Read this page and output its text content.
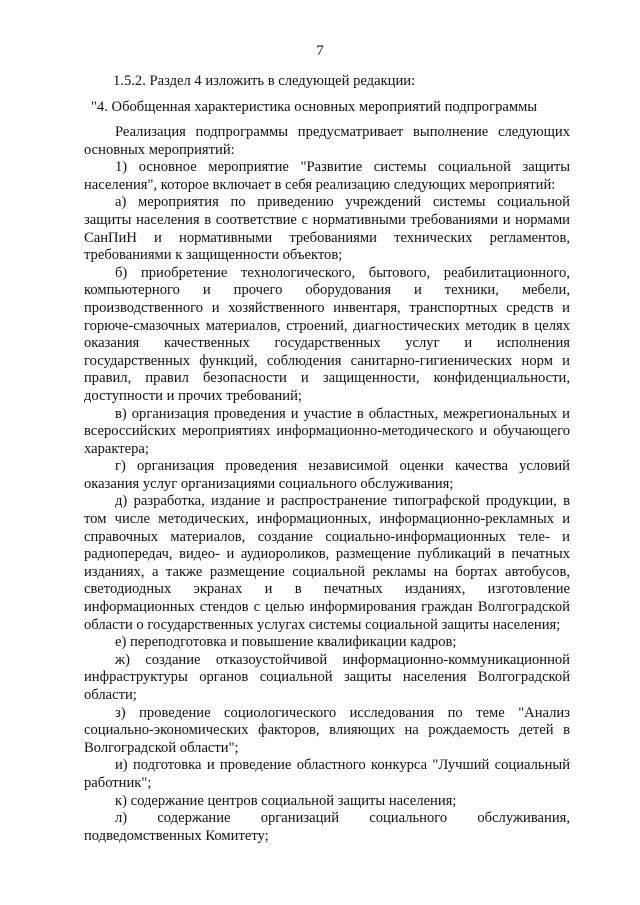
7
1.5.2. Раздел 4 изложить в следующей редакции:
"4. Обобщенная характеристика основных мероприятий подпрограммы

Реализация подпрограммы предусматривает выполнение следующих основных мероприятий:

1) основное мероприятие "Развитие системы социальной защиты населения", которое включает в себя реализацию следующих мероприятий:

а) мероприятия по приведению учреждений системы социальной защиты населения в соответствие с нормативными требованиями и нормами СанПиН и нормативными требованиями технических регламентов, требованиями к защищенности объектов;

б) приобретение технологического, бытового, реабилитационного, компьютерного и прочего оборудования и техники, мебели, производственного и хозяйственного инвентаря, транспортных средств и горюче-смазочных материалов, строений, диагностических методик в целях оказания качественных государственных услуг и исполнения государственных функций, соблюдения санитарно-гигиенических норм и правил, правил безопасности и защищенности, конфиденциальности, доступности и прочих требований;

в) организация проведения и участие в областных, межрегиональных и всероссийских мероприятиях информационно-методического и обучающего характера;

г) организация проведения независимой оценки качества условий оказания услуг организациями социального обслуживания;

д) разработка, издание и распространение типографской продукции, в том числе методических, информационных, информационно-рекламных и справочных материалов, создание социально-информационных теле- и радиопередач, видео- и аудиороликов, размещение публикаций в печатных изданиях, а также размещение социальной рекламы на бортах автобусов, светодиодных экранах и в печатных изданиях, изготовление информационных стендов с целью информирования граждан Волгоградской области о государственных услугах системы социальной защиты населения;

е) переподготовка и повышение квалификации кадров;

ж) создание отказоустойчивой информационно-коммуникационной инфраструктуры органов социальной защиты населения Волгоградской области;

з) проведение социологического исследования по теме "Анализ социально-экономических факторов, влияющих на рождаемость детей в Волгоградской области";

и) подготовка и проведение областного конкурса "Лучший социальный работник";

к) содержание центров социальной защиты населения;

л) содержание организаций социального обслуживания, подведомственных Комитету;
